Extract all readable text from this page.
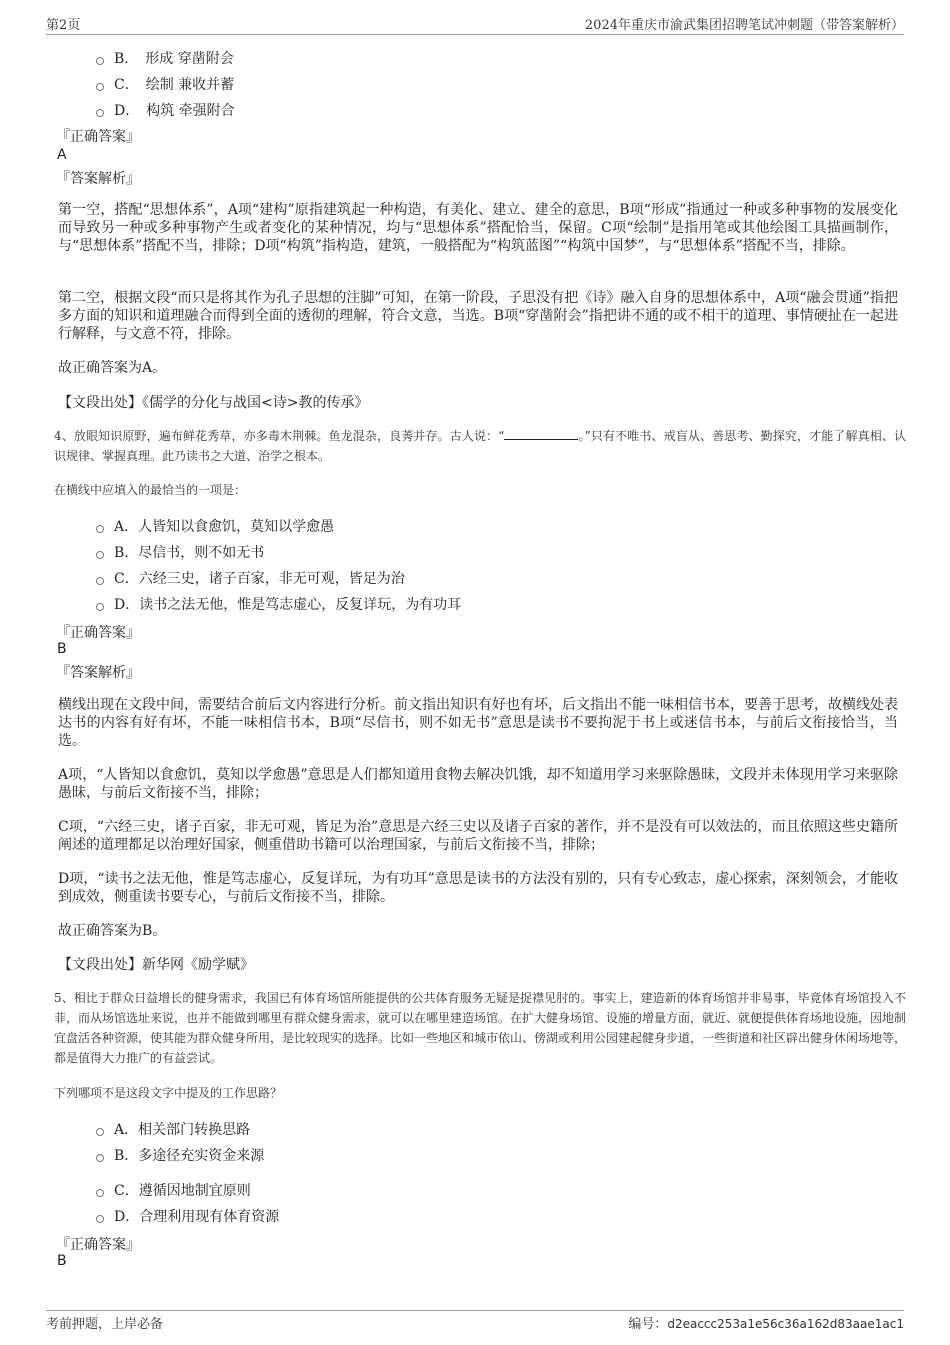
第2页	2024年重庆市渝武集团招聘笔试冲刺题（带答案解析）
B．　形成 穿凿附会
C．　绘制 兼收并蓄
D．　构筑 牵强附合
『正确答案』
A
『答案解析』
第一空，搭配“思想体系”，A项“建构”原指建筑起一种构造，有美化、建立、建全的意思，B项“形成”指通过一种或多种事物的发展变化而导致另一种或多种事物产生或者变化的某种情况，均与“思想体系”搭配恰当，保留。C项“绘制”是指用笔或其他绘图工具描画制作，与“思想体系”搭配不当，排除；D项“构筑”指构造，建筑，一般搭配为“构筑蓝图”“构筑中国梦”，与“思想体系”搭配不当，排除。
第二空，根据文段“而只是将其作为孔子思想的注脚”可知，在第一阶段，子思没有把《诗》融入自身的思想体系中，A项“融会贯通”指把多方面的知识和道理融合而得到全面的透彻的理解，符合文意，当选。B项“穿凿附会”指把讲不通的或不相干的道理、事情硬扯在一起进行解释，与文意不符，排除。
故正确答案为A。
【文段出处】《儒学的分化与战国<诗>教的传承》
4、放眼知识原野，遍布鲜花秀草，亦多毒木荆棘。鱼龙混杂，良莠并存。古人说：“	。”只有不唯书、戒盲从、善思考、勤探究，才能了解真相、认识规律、掌握真理。此乃读书之大道、治学之根本。
在横线中应填入的最恰当的一项是：
A．人皆知以食愈饥，莫知以学愈愚
B．尽信书，则不如无书
C．六经三史，诸子百家，非无可观，皆足为治
D．读书之法无他，惟是笃志虚心，反复详玩，为有功耳
『正确答案』
B
『答案解析』
横线出现在文段中间，需要结合前后文内容进行分析。前文指出知识有好也有坏，后文指出不能一味相信书本，要善于思考，故横线处表达书的内容有好有坏，不能一味相信书本，B项“尽信书，则不如无书”意思是读书不要拘泥于书上或迷信书本，与前后文衔接恰当，当选。
A项，“人皆知以食愈饥，莫知以学愈愚”意思是人们都知道用食物去解决饥饿，却不知道用学习来驱除愚昧，文段并未体现用学习来驱除愚昧，与前后文衔接不当，排除；
C项，“六经三史，诸子百家，非无可观，皆足为治”意思是六经三史以及诸子百家的著作，并不是没有可以效法的，而且依照这些史籍所阐述的道理都足以治理好国家，侧重借助书籍可以治理国家，与前后文衔接不当，排除；
D项，“读书之法无他，惟是笃志虚心，反复详玩，为有功耳”意思是读书的方法没有别的，只有专心致志，虚心探索，深刻领会，才能收到成效，侧重读书要专心，与前后文衔接不当，排除。
故正确答案为B。
【文段出处】新华网《励学赋》
5、相比于群众日益增长的健身需求，我国已有体育场馆所能提供的公共体育服务无疑是捉襟见肘的。事实上，建造新的体育场馆并非易事，毕竟体育场馆投入不菲，而从场馆选址来说，也并不能做到哪里有群众健身需求，就可以在哪里建造场馆。在扩大健身场馆、设施的增量方面，就近、就便提供体育场地设施，因地制宜盘活各种资源，使其能为群众健身所用，是比较现实的选择。比如一些地区和城市依山、傍湖或利用公园建起健身步道，一些街道和社区辟出健身休闲场地等，都是值得大力推广的有益尝试。
下列哪项不是这段文字中提及的工作思路？
A．相关部门转换思路
B．多途径充实资金来源
C．遵循因地制宜原则
D．合理利用现有体育资源
『正确答案』
B
考前押题，上岸必备	编号：d2eaccc253a1e56c36a162d83aae1ac1
